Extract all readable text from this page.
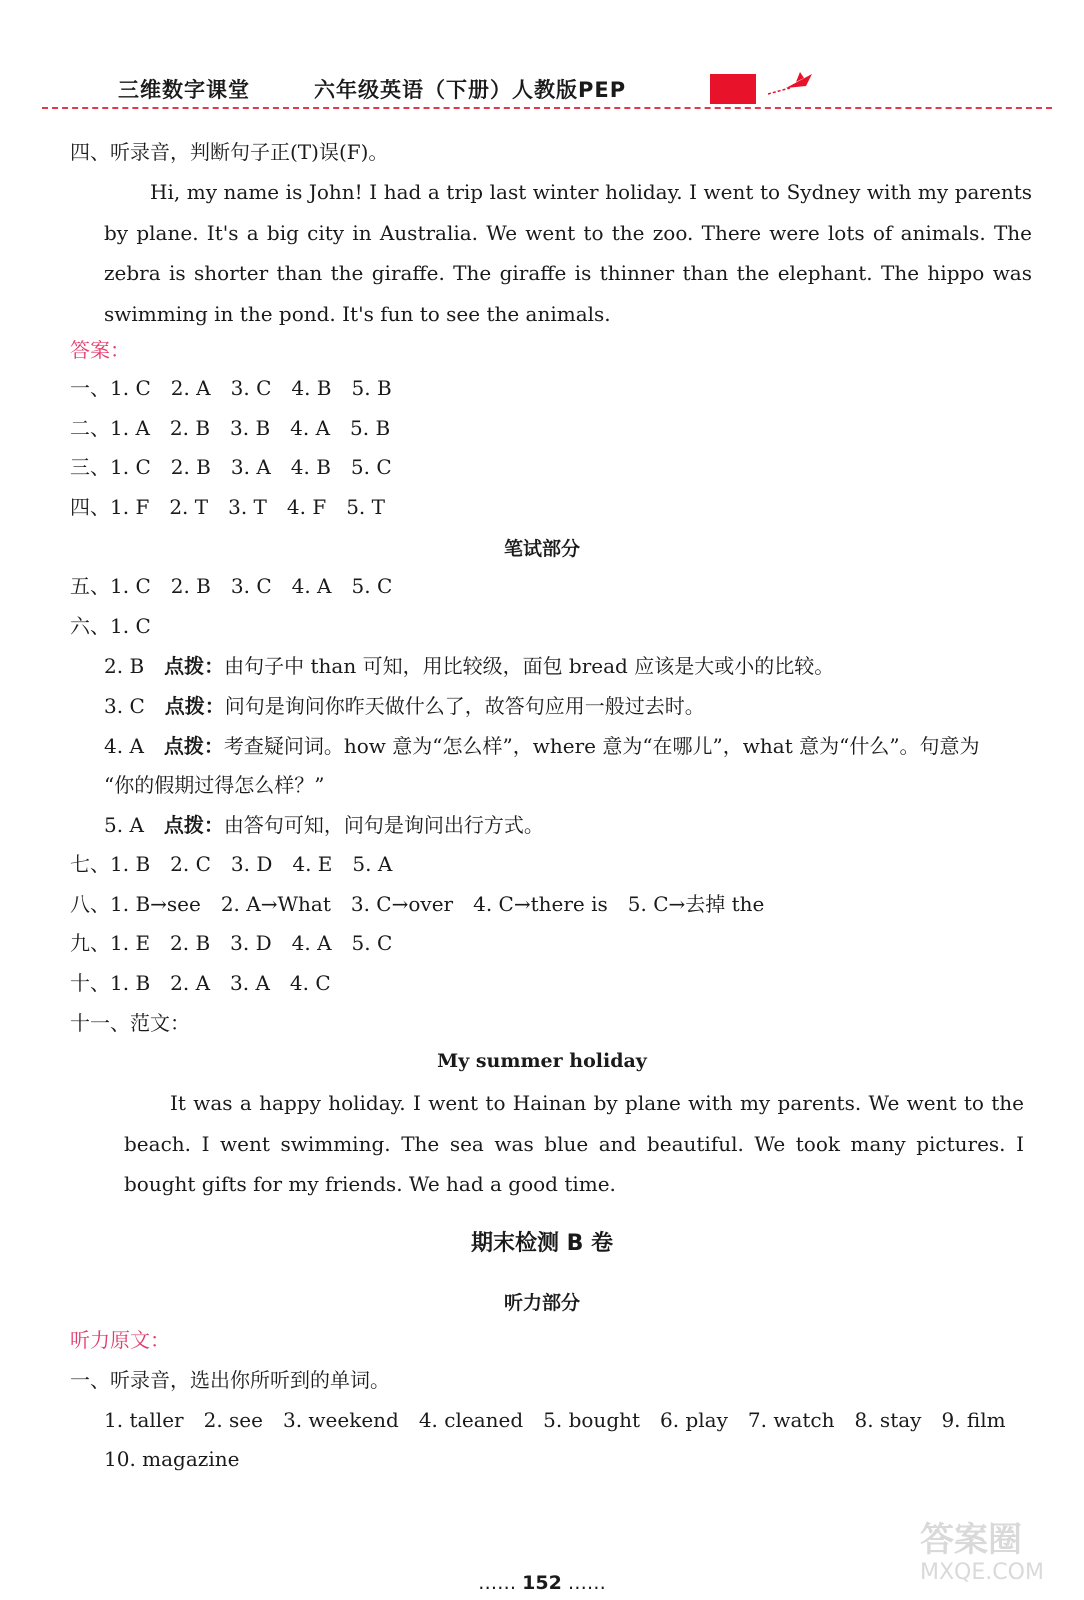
三维数字课堂	六年级英语（下册）人教版PEP
四、听录音，判断句子正(T)误(F)。
Hi, my name is John! I had a trip last winter holiday. I went to Sydney with my parents by plane. It's a big city in Australia. We went to the zoo. There were lots of animals. The zebra is shorter than the giraffe. The giraffe is thinner than the elephant. The hippo was swimming in the pond. It's fun to see the animals.
答案：
一、1. C　2. A　3. C　4. B　5. B
二、1. A　2. B　3. B　4. A　5. B
三、1. C　2. B　3. A　4. B　5. C
四、1. F　2. T　3. T　4. F　5. T
笔试部分
五、1. C　2. B　3. C　4. A　5. C
六、1. C
2. B　 点拨：由句子中 than 可知，用比较级，面包 bread 应该是大或小的比较。
3. C　 点拨：问句是询问你昨天做什么了，故答句应用一般过去时。
4. A　 点拨：考查疑问词。how 意为“怎么样”，where 意为“在哪儿”，what 意为“什么”。句意为
“你的假期过得怎么样？”
5. A　 点拨：由答句可知，问句是询问出行方式。
七、1. B　2. C　3. D　4. E　5. A
八、1. B→see　2. A→What　3. C→over　4. C→there is　5. C→去掉 the
九、1. E　2. B　3. D　4. A　5. C
十、1. B　2. A　3. A　4. C
十一、范文：
My summer holiday
It was a happy holiday. I went to Hainan by plane with my parents. We went to the beach. I went swimming. The sea was blue and beautiful. We took many pictures. I bought gifts for my friends. We had a good time.
期末检测 B 卷
听力部分
听力原文：
一、听录音，选出你所听到的单词。
1. taller　2. see　3. weekend　4. cleaned　5. bought　6. play　7. watch　8. stay　9. film
10. magazine
…… 152 ……
答案圈
MXQE.COM
